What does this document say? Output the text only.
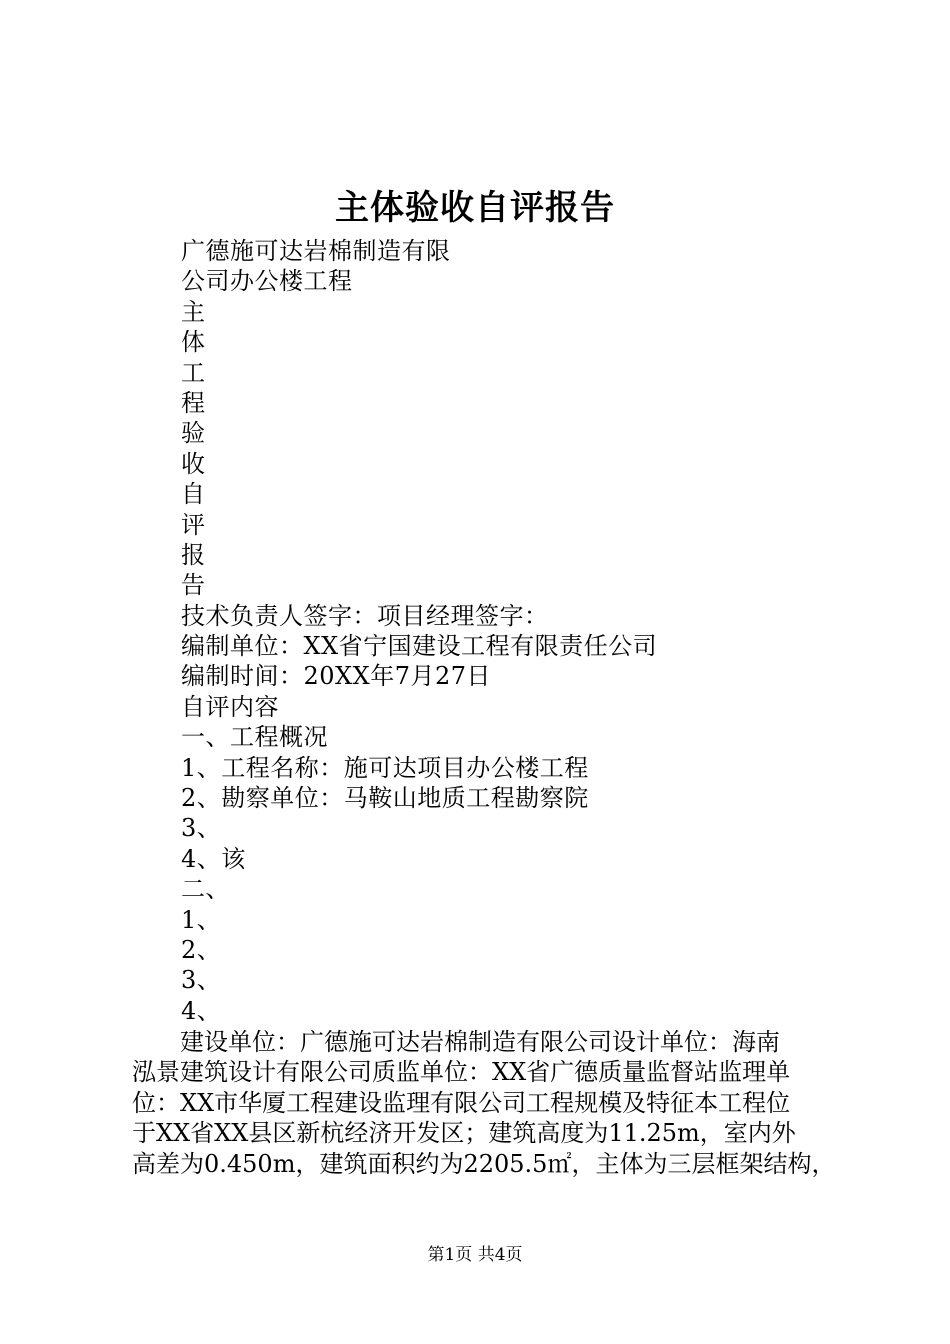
主体验收自评报告
广德施可达岩棉制造有限
公司办公楼工程
主
体
工
程
验
收
自
评
报
告
技术负责人签字：项目经理签字：
编制单位：XX省宁国建设工程有限责任公司
编制时间：20XX年7月27日
自评内容
一、工程概况
1、工程名称：施可达项目办公楼工程
2、勘察单位：马鞍山地质工程勘察院
3、
4、该
二、
1、
2、
3、
4、
建设单位：广德施可达岩棉制造有限公司设计单位：海南
泓景建筑设计有限公司质监单位：XX省广德质量监督站监理单
位：XX市华厦工程建设监理有限公司工程规模及特征本工程位
于XX省XX县区新杭经济开发区；建筑高度为11.25m，室内外
高差为0.450m，建筑面积约为2205.5㎡，主体为三层框架结构，
第1页 共4页
